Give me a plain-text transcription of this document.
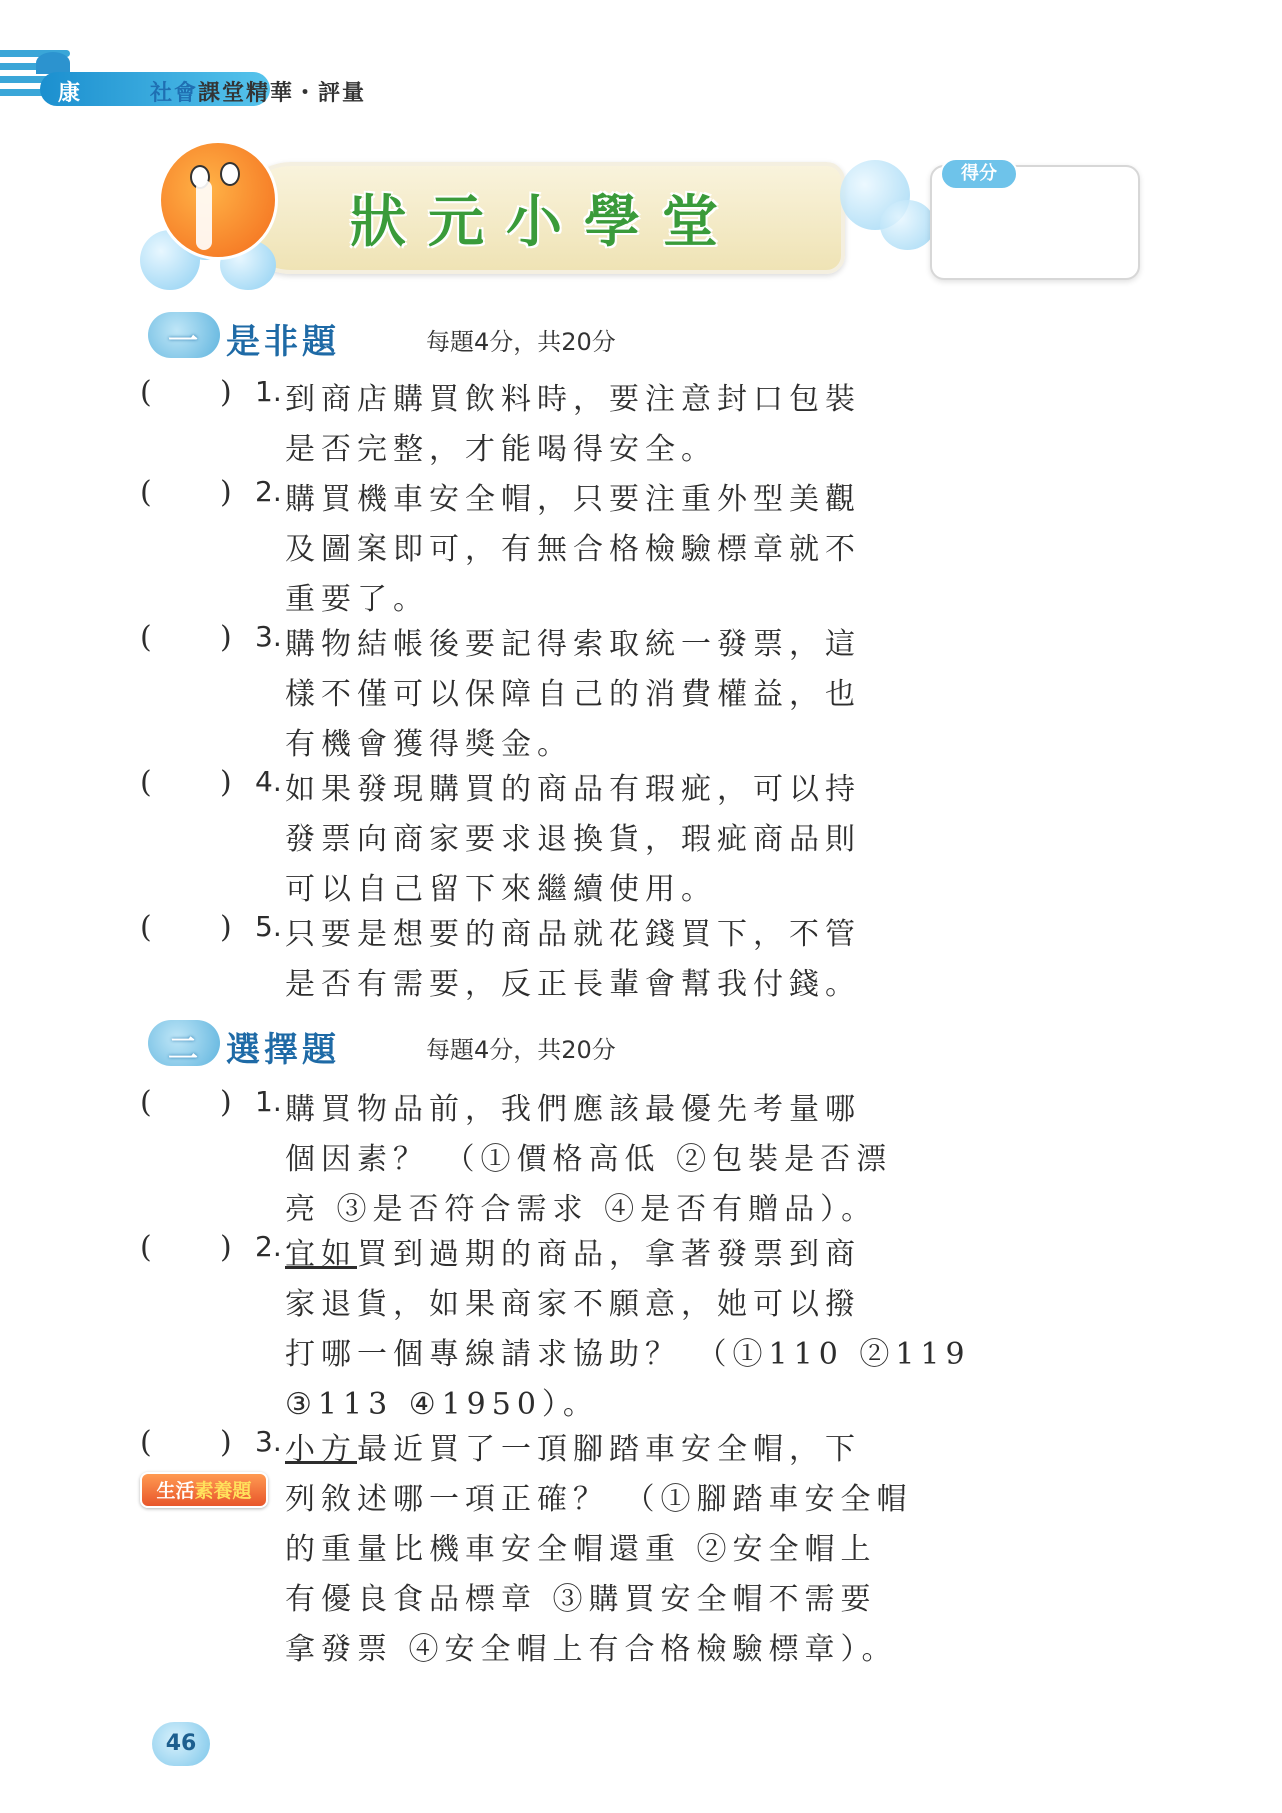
康	社會課堂精華・評量
狀元小學堂
得分
一 是非題	每題4分，共20分
( ) 1. 到商店購買飲料時，要注意封口包裝
是否完整，才能喝得安全。
( ) 2. 購買機車安全帽，只要注重外型美觀
及圖案即可，有無合格檢驗標章就不
重要了。
( ) 3. 購物結帳後要記得索取統一發票，這
樣不僅可以保障自己的消費權益，也
有機會獲得獎金。
( ) 4. 如果發現購買的商品有瑕疵，可以持
發票向商家要求退換貨，瑕疵商品則
可以自己留下來繼續使用。
( ) 5. 只要是想要的商品就花錢買下，不管
是否有需要，反正長輩會幫我付錢。
二 選擇題	每題4分，共20分
( ) 1. 購買物品前，我們應該最優先考量哪
個因素？ （①價格高低 ②包裝是否漂
亮 ③是否符合需求 ④是否有贈品）。
( ) 2. 宜如買到過期的商品，拿著發票到商
家退貨，如果商家不願意，她可以撥
打哪一個專線請求協助？ （①110 ②119
③113 ④1950）。
( ) 3. 小方最近買了一頂腳踏車安全帽，下
列敘述哪一項正確？ （①腳踏車安全帽
的重量比機車安全帽還重 ②安全帽上
有優良食品標章 ③購買安全帽不需要
拿發票 ④安全帽上有合格檢驗標章）。
生活素養題
46
